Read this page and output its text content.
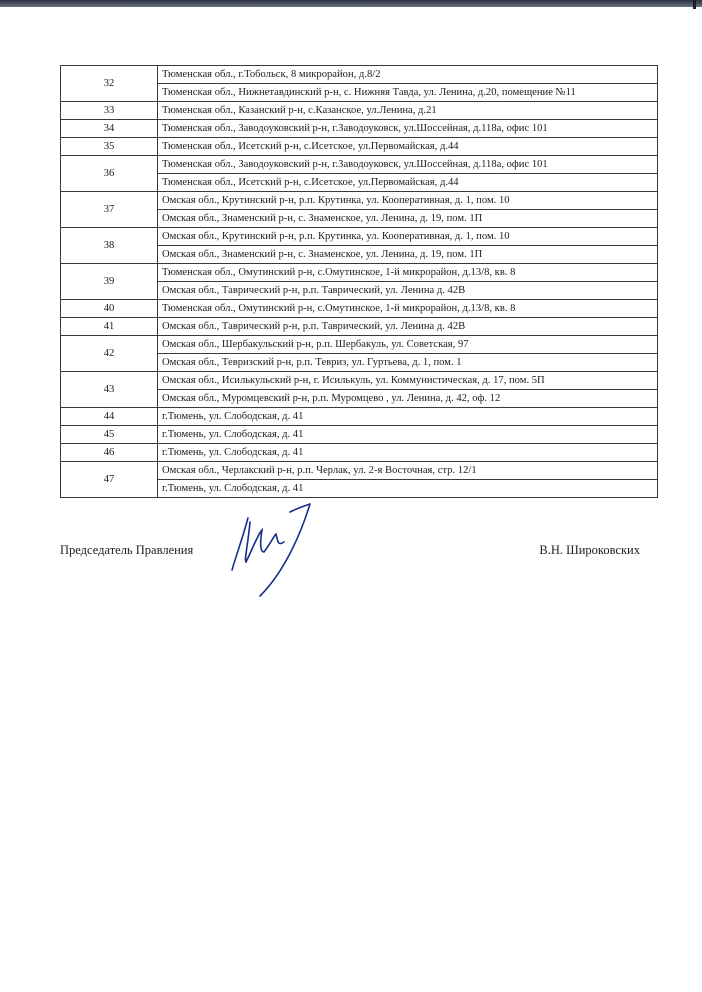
32	Тюменская обл., г.Тобольск, 8 микрорайон, д.8/2
	Тюменская обл., Нижнетавдинский р-н, с. Нижняя Тавда, ул. Ленина, д.20, помещение №11
33	Тюменская обл., Казанский р-н, с.Казанское, ул.Ленина, д.21
34	Тюменская обл., Заводоуковский р-н, г.Заводоуковск, ул.Шоссейная, д.118а, офис 101
35	Тюменская обл., Исетский р-н, с.Исетское, ул.Первомайская, д.44
36	Тюменская обл., Заводоуковский р-н, г.Заводоуковск, ул.Шоссейная, д.118а, офис 101
	Тюменская обл., Исетский р-н, с.Исетское, ул.Первомайская, д.44
37	Омская обл., Крутинский р-н, р.п. Крутинка, ул. Кооперативная, д. 1, пом. 10
	Омская обл., Знаменский р-н, с. Знаменское, ул. Ленина, д. 19, пом. 1П
38	Омская обл., Крутинский р-н, р.п. Крутинка, ул. Кооперативная, д. 1, пом. 10
	Омская обл., Знаменский р-н, с. Знаменское, ул. Ленина, д. 19, пом. 1П
39	Тюменская обл., Омутинский р-н, с.Омутинское, 1-й микрорайон, д.13/8, кв. 8
	Омская обл., Таврический р-н, р.п. Таврический, ул. Ленина д. 42В
40	Тюменская обл., Омутинский р-н, с.Омутинское, 1-й микрорайон, д.13/8, кв. 8
41	Омская обл., Таврический р-н, р.п. Таврический, ул. Ленина д. 42В
42	Омская обл., Шербакульский р-н, р.п. Шербакуль, ул. Советская, 97
	Омская обл., Тевризский р-н, р.п. Тевриз, ул. Гуртьева, д. 1, пом. 1
43	Омская обл., Исилькульский р-н, г. Исилькуль, ул. Коммунистическая, д. 17, пом. 5П
	Омская обл., Муромцевский р-н, р.п. Муромцево , ул. Ленина, д. 42, оф. 12
44	г.Тюмень, ул. Слободская, д. 41
45	г.Тюмень, ул. Слободская, д. 41
46	г.Тюмень, ул. Слободская, д. 41
47	Омская обл., Черлакский р-н, р.п. Черлак, ул. 2-я Восточная, стр. 12/1
	г.Тюмень, ул. Слободская, д. 41
Председатель Правления	В.Н. Широковских
